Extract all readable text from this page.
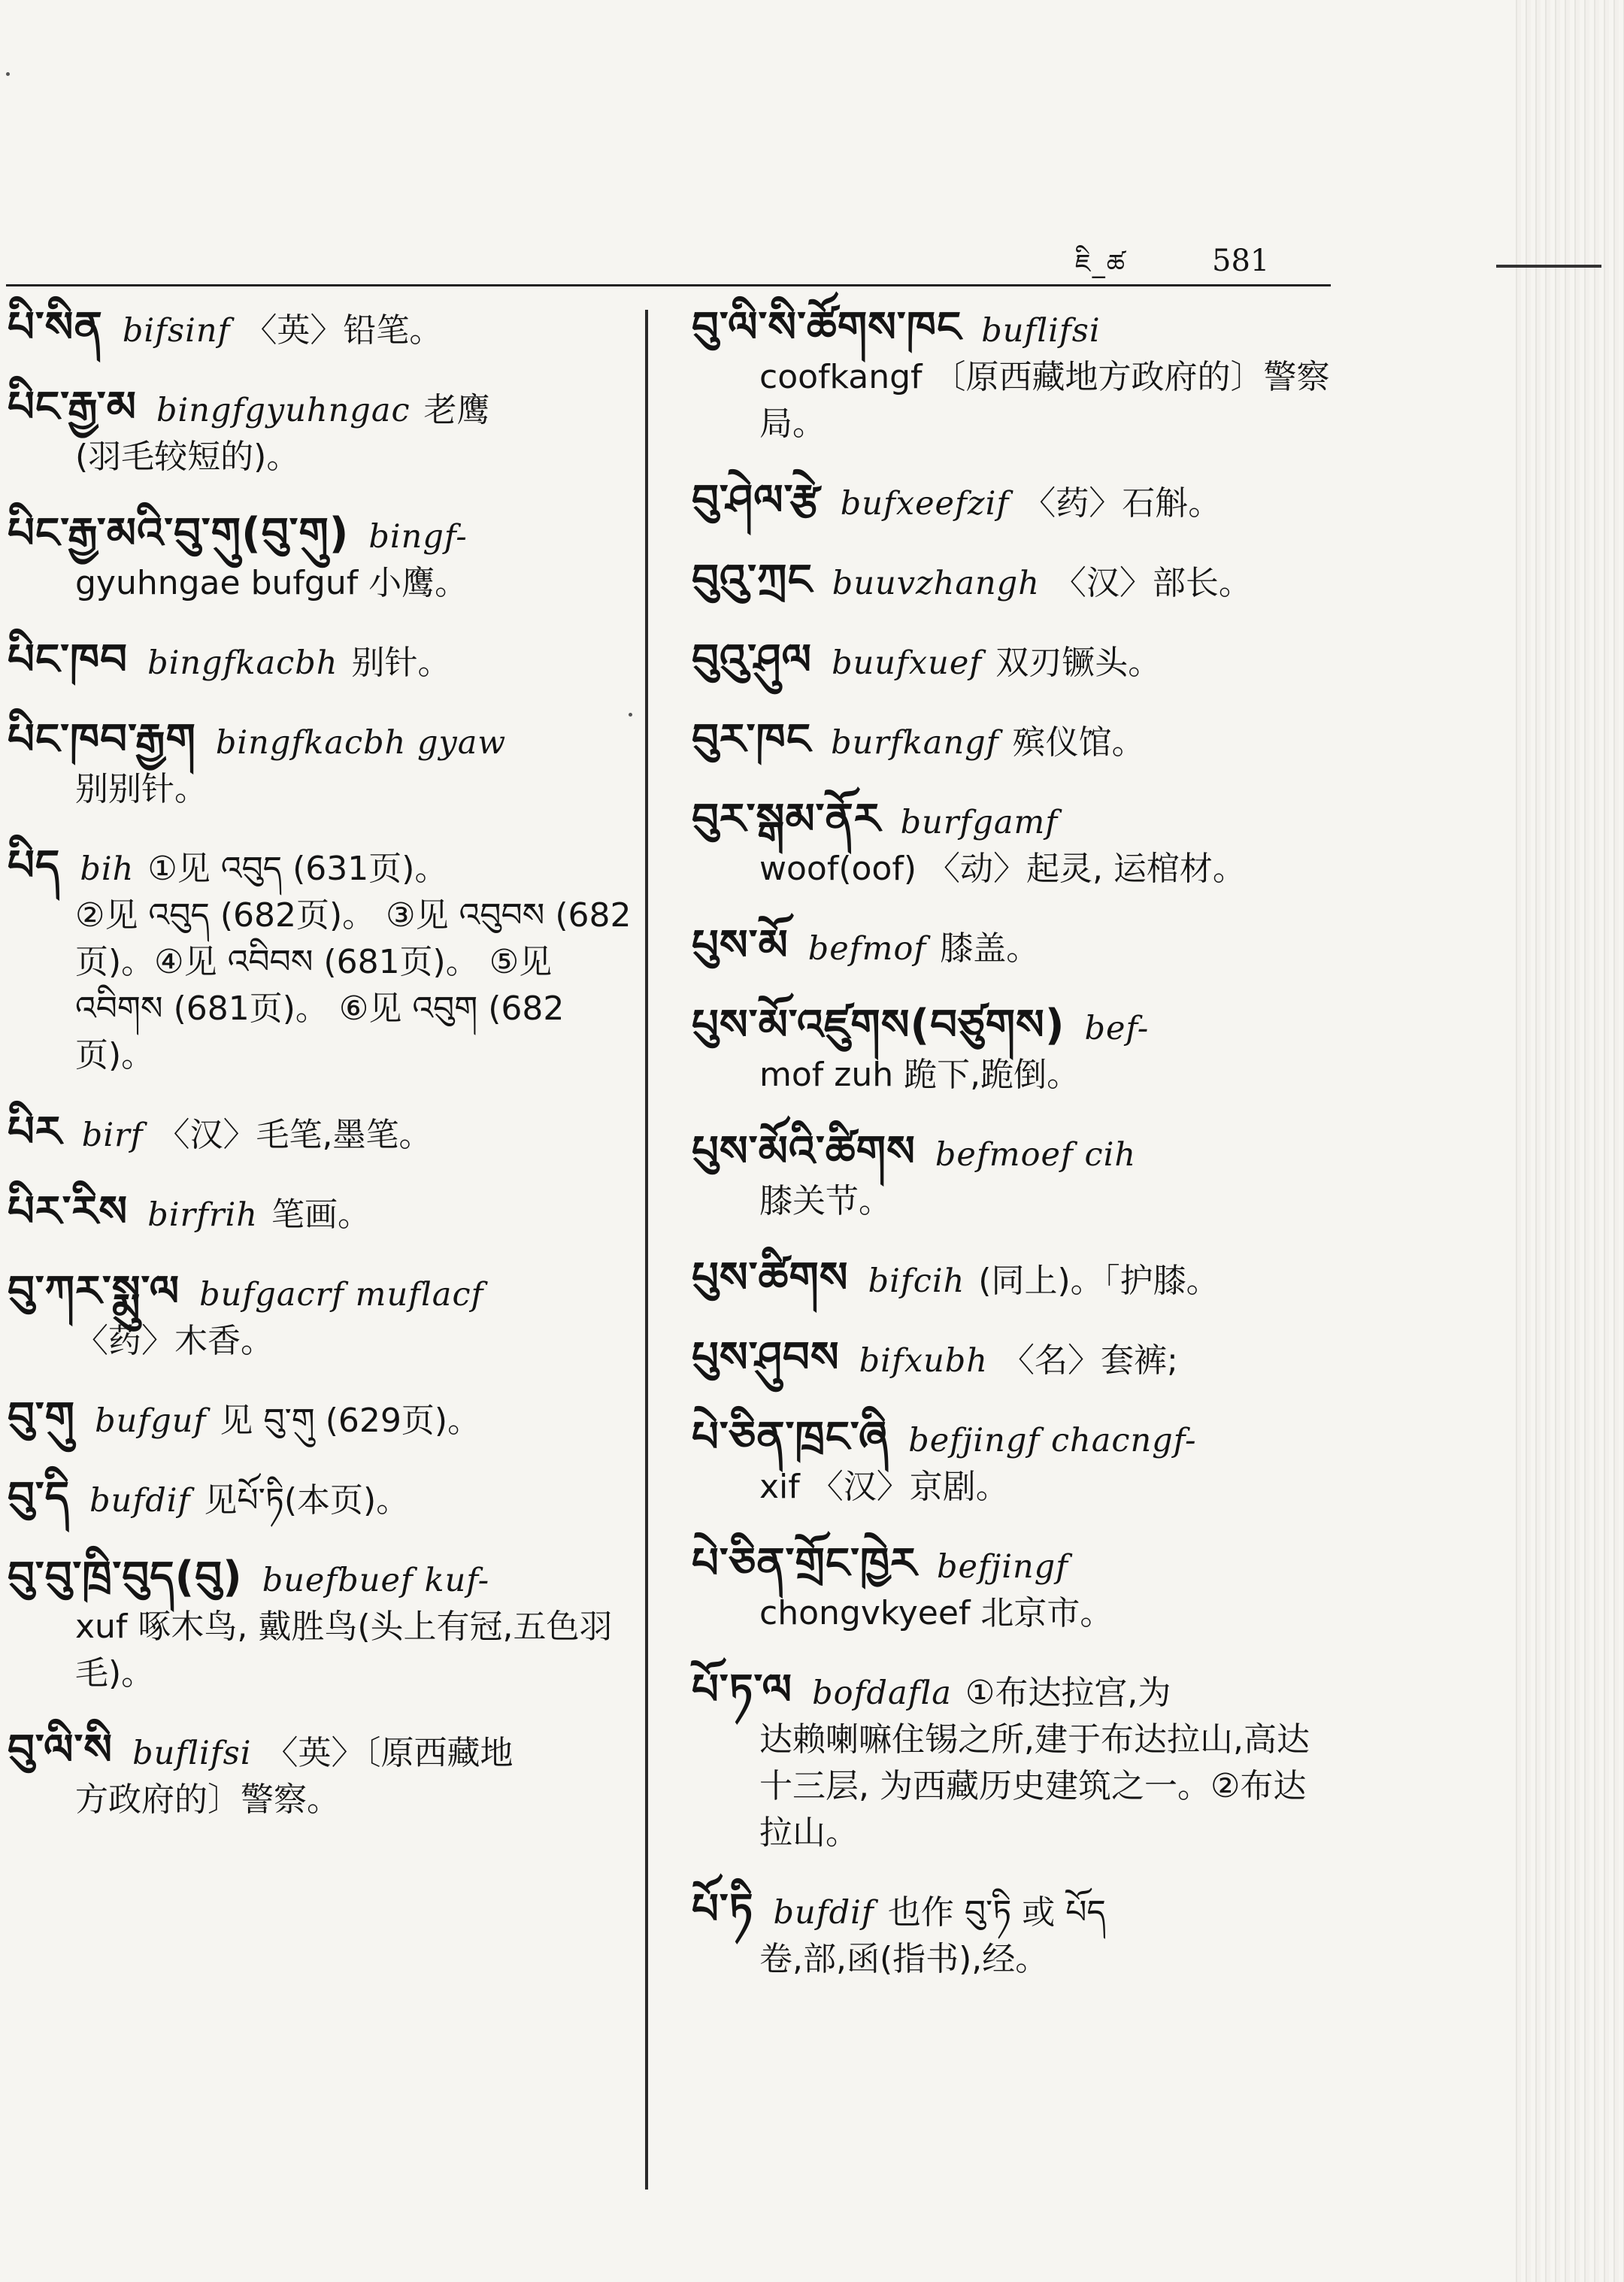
ཇི_ཚ	581
པི་སིན bifsinf 〈英〉铅笔。
པིང་རྒྱ་མ bingfgyuhngac 老鹰
(羽毛较短的)。
པིང་རྒྱ་མའི་བུ་གུ(བུ་གུ) bingf-
gyuhngae bufguf 小鹰。
པིང་ཁབ bingfkacbh 别针。
པིང་ཁབ་རྒྱག bingfkacbh gyaw
别别针。
པིད bih ①见 འབུད (631页)。
②见 འབུད (682页)。 ③见 འབུབས (682页)。④见 འབིབས (681页)。 ⑤见 འབིགས (681页)。 ⑥见 འབུག (682页)。
པིར birf 〈汉〉毛笔,墨笔。
པིར་རིས birfrih 笔画。
བུ་ཀར་སྨུ་ལ bufgacrf muflacf
〈药〉木香。
བུ་གུ bufguf 见 བུ་གུ (629页)。
བུ་དི bufdif 见པོ་ཏི(本页)。
བུ་བུ་ཁྲི་བུད(བུ) buefbuef kuf-
xuf 啄木鸟, 戴胜鸟(头上有冠,五色羽毛)。
བུ་ལི་སི buflifsi 〈英〉〔原西藏地
方政府的〕警察。
བུ་ལི་སི་ཚོགས་ཁང buflifsi
coofkangf 〔原西藏地方政府的〕警察局。
བུ་ཤེལ་རྩེ bufxeefzif 〈药〉石斛。
བུའུ་ཀྲང buuvzhangh 〈汉〉部长。
བུའུ་ཤུལ buufxuef 双刃镢头。
བུར་ཁང burfkangf 殡仪馆。
བུར་སྒམ་ནོར burfgamf
woof(oof) 〈动〉起灵, 运棺材。
པུས་མོ befmof 膝盖。
པུས་མོ་འཛུགས(བཙུགས) bef-
mof zuh 跪下,跪倒。
པུས་མོའི་ཚིགས befmoef cih
膝关节。
པུས་ཚིགས bifcih (同上)。「护膝。
པུས་ཤུབས bifxubh 〈名〉套裤;
པེ་ཅིན་ཁྲང་ཞི befjingf chacngf-
xif 〈汉〉京剧。
པེ་ཅིན་གྲོང་ཁྱེར befjingf
chongvkyeef 北京市。
པོ་ཏ་ལ bofdafla ①布达拉宫,为
达赖喇嘛住锡之所,建于布达拉山,高达十三层, 为西藏历史建筑之一。②布达拉山。
པོ་ཏི bufdif 也作 བུ་ཏི 或 པོད
卷,部,函(指书),经。
